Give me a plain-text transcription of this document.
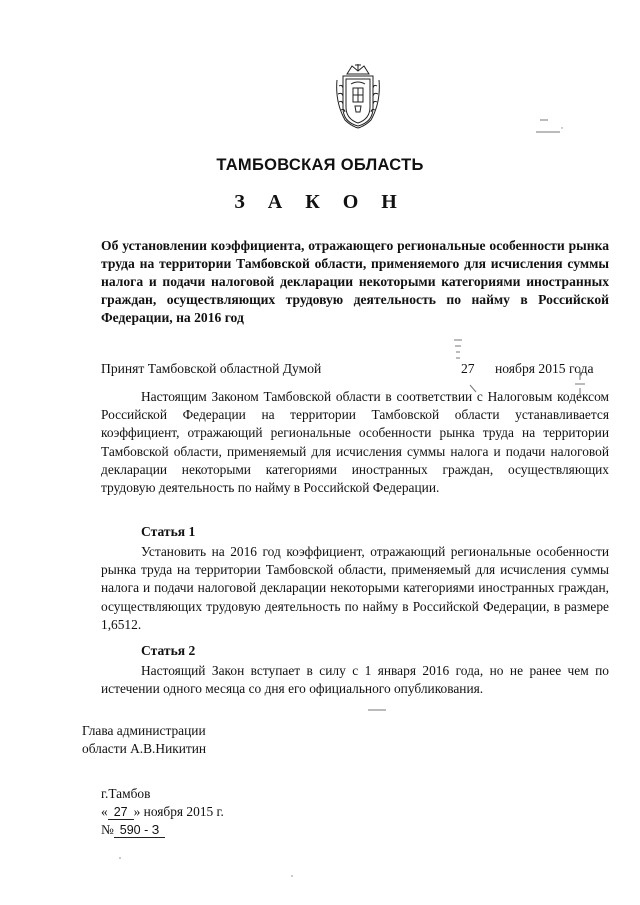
ТАМБОВСКАЯ ОБЛАСТЬ
З А К О Н
Об установлении коэффициента, отражающего региональные особенности рынка труда на территории Тамбовской области, применяемого для исчисления суммы налога и подачи налоговой декларации некоторыми категориями иностранных граждан, осуществляющих трудовую деятельность по найму в Российской Федерации, на 2016 год
Принят Тамбовской областной Думой	27 ноября 2015 года
Настоящим Законом Тамбовской области в соответствии с Налоговым кодексом Российской Федерации на территории Тамбовской области устанавливается коэффициент, отражающий региональные особенности рынка труда на территории Тамбовской области, применяемый для исчисления суммы налога и подачи налоговой декларации некоторыми категориями иностранных граждан, осуществляющих трудовую деятельность по найму в Российской Федерации.
Статья 1
Установить на 2016 год коэффициент, отражающий региональные особенности рынка труда на территории Тамбовской области, применяемый для исчисления суммы налога и подачи налоговой декларации некоторыми категориями иностранных граждан, осуществляющих трудовую деятельность по найму в Российской Федерации, в размере 1,6512.
Статья 2
Настоящий Закон вступает в силу с 1 января 2016 года, но не ранее чем по истечении одного месяца со дня его официального опубликования.
Глава администрации
области А.В.Никитин
г.Тамбов
« 27 » ноября 2015 г.
№ 590 - З
